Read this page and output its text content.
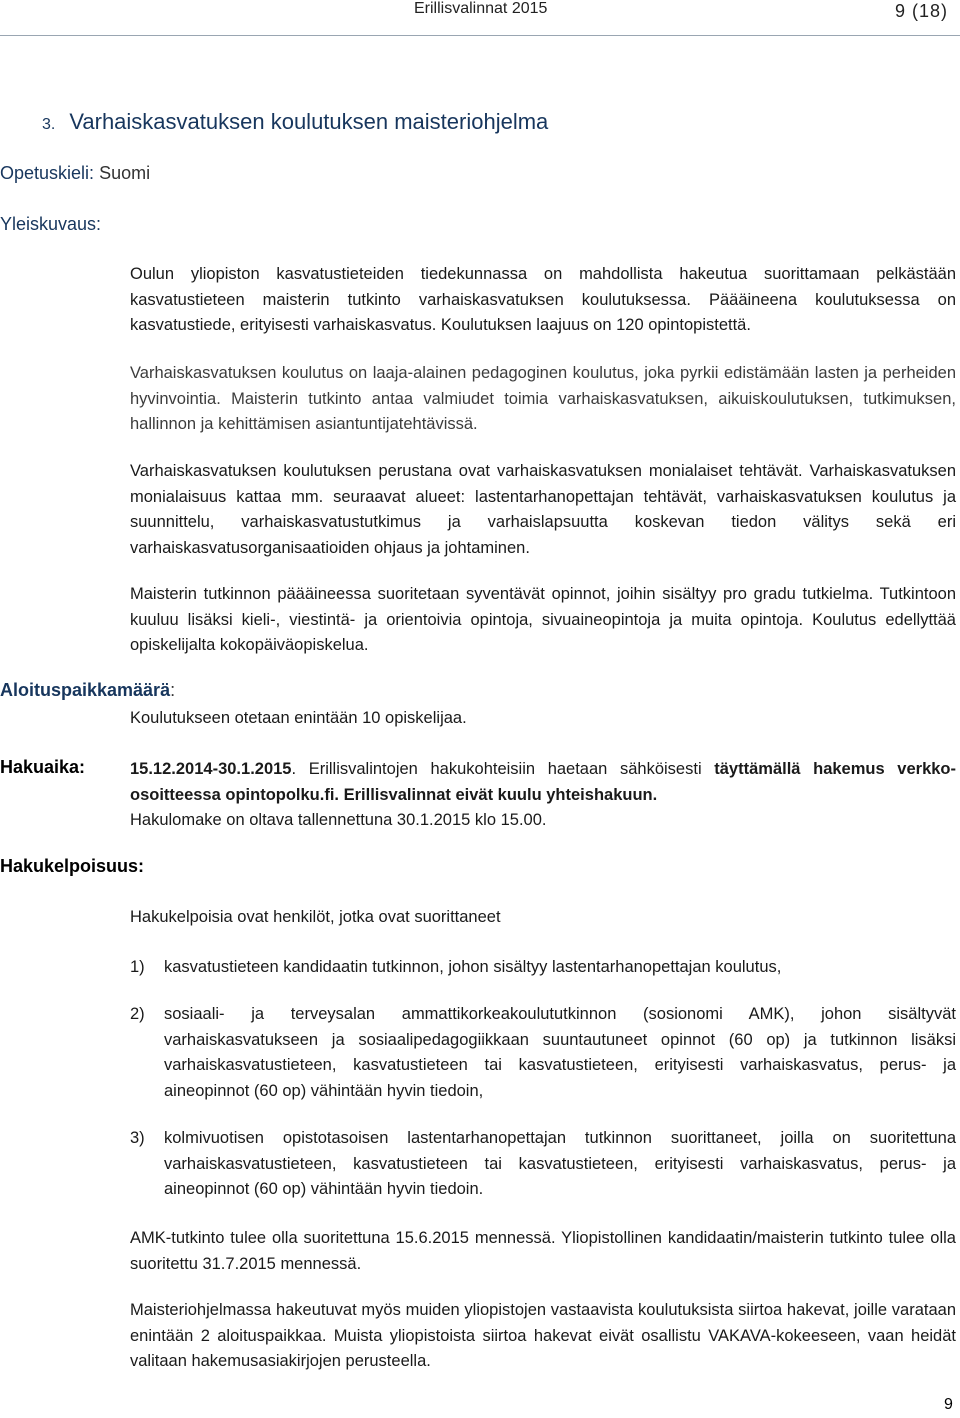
Erillisvalinnat 2015	9 (18)
3. Varhaiskasvatuksen koulutuksen maisteriohjelma
Opetuskieli: Suomi
Yleiskuvaus:

Oulun yliopiston kasvatustieteiden tiedekunnassa on mahdollista hakeutua suorittamaan pelkästään kasvatustieteen maisterin tutkinto varhaiskasvatuksen koulutuksessa. Päääineena koulutuksessa on kasvatustiede, erityisesti varhaiskasvatus. Koulutuksen laajuus on 120 opintopistettä.

Varhaiskasvatuksen koulutus on laaja-alainen pedagoginen koulutus, joka pyrkii edistämään lasten ja perheiden hyvinvointia. Maisterin tutkinto antaa valmiudet toimia varhaiskasvatuksen, aikuiskoulutuksen, tutkimuksen, hallinnon ja kehittämisen asiantuntijatehtävissä.

Varhaiskasvatuksen koulutuksen perustana ovat varhaiskasvatuksen monialaiset tehtävät. Varhaiskasvatuksen monialaisuus kattaa mm. seuraavat alueet: lastentarhanopettajan tehtävät, varhaiskasvatuksen koulutus ja suunnittelu, varhaiskasvatustutkimus ja varhaislapsuutta koskevan tiedon välitys sekä eri varhaiskasvatusorganisaatioiden ohjaus ja johtaminen.

Maisterin tutkinnon päääineessa suoritetaan syventävät opinnot, joihin sisältyy pro gradu tutkielma. Tutkintoon kuuluu lisäksi kieli-, viestintä- ja orientoivia opintoja, sivuaineopintoja ja muita opintoja. Koulutus edellyttää opiskelijalta kokopäiväopiskelua.

Aloituspaikkamäärä:

Koulutukseen otetaan enintään 10 opiskelijaa.

Hakuaika:	15.12.2014-30.1.2015. Erillisvalintojen hakukohteisiin haetaan sähköisesti täyttämällä hakemus verkko-osoitteessa opintopolku.fi. Erillisvalinnat eivät kuulu yhteishakuun.
Hakulomake on oltava tallennettuna 30.1.2015 klo 15.00.

Hakukelpoisuus:

Hakukelpoisia ovat henkilöt, jotka ovat suorittaneet

1) kasvatustieteen kandidaatin tutkinnon, johon sisältyy lastentarhanopettajan koulutus,
2) sosiaali- ja terveysalan ammattikorkeakoulututkinnon (sosionomi AMK), johon sisältyvät varhaiskasvatukseen ja sosiaalipedagogiikkaan suuntautuneet opinnot (60 op) ja tutkinnon lisäksi varhaiskasvatustieteen, kasvatustieteen tai kasvatustieteen, erityisesti varhaiskasvatus, perus- ja aineopinnot (60 op) vähintään hyvin tiedoin,
3) kolmivuotisen opistotasoisen lastentarhanopettajan tutkinnon suorittaneet, joilla on suoritettuna varhaiskasvatustieteen, kasvatustieteen tai kasvatustieteen, erityisesti varhaiskasvatus, perus- ja aineopinnot (60 op) vähintään hyvin tiedoin.

AMK-tutkinto tulee olla suoritettuna 15.6.2015 mennessä. Yliopistollinen kandidaatin/maisterin tutkinto tulee olla suoritettu 31.7.2015 mennessä.

Maisteriohjelmassa hakeutuvat myös muiden yliopistojen vastaavista koulutuksista siirtoa hakevat, joille varataan enintään 2 aloituspaikkaa. Muista yliopistoista siirtoa hakevat eivät osallistu VAKAVA-kokeeseen, vaan heidät valitaan hakemusasiakirjojen perusteella.

9
